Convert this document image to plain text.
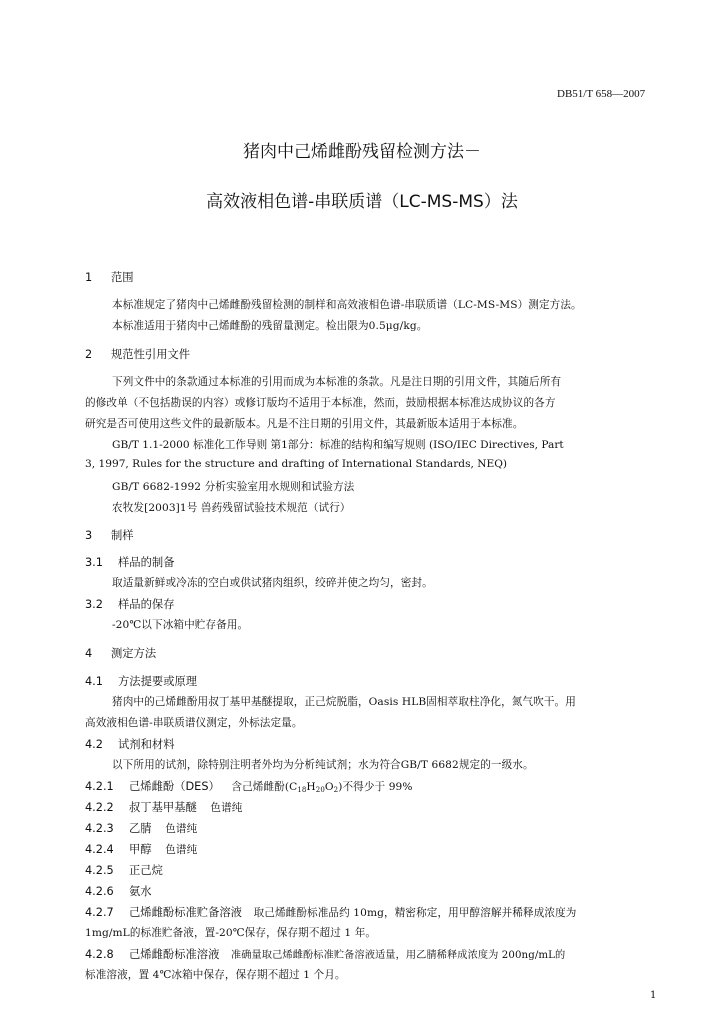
DB51/T 658—2007
猪肉中己烯雌酚残留检测方法－
高效液相色谱-串联质谱（LC-MS-MS）法
1 范围
本标准规定了猪肉中己烯雌酚残留检测的制样和高效液相色谱-串联质谱（LC-MS-MS）测定方法。
本标准适用于猪肉中己烯雌酚的残留量测定。检出限为0.5μg/kg。
2 规范性引用文件
下列文件中的条款通过本标准的引用而成为本标准的条款。凡是注日期的引用文件，其随后所有
的修改单（不包括勘误的内容）或修订版均不适用于本标准，然而，鼓励根据本标准达成协议的各方
研究是否可使用这些文件的最新版本。凡是不注日期的引用文件，其最新版本适用于本标准。
GB/T 1.1-2000 标准化工作导则 第1部分：标准的结构和编写规则 (ISO/IEC Directives, Part
3, 1997, Rules for the structure and drafting of International Standards, NEQ)
GB/T 6682-1992 分析实验室用水规则和试验方法
农牧发[2003]1号 兽药残留试验技术规范（试行）
3 制样
3.1 样品的制备
取适量新鲜或冷冻的空白或供试猪肉组织，绞碎并使之均匀，密封。
3.2 样品的保存
-20℃以下冰箱中贮存备用。
4 测定方法
4.1 方法提要或原理
猪肉中的己烯雌酚用叔丁基甲基醚提取，正己烷脱脂，Oasis HLB固相萃取柱净化，氮气吹干。用
高效液相色谱-串联质谱仪测定，外标法定量。
4.2 试剂和材料
以下所用的试剂，除特别注明者外均为分析纯试剂；水为符合GB/T 6682规定的一级水。
4.2.1 己烯雌酚（DES） 含己烯雌酚$(C_{18}H_{20}O_2)$不得少于 99%
4.2.2 叔丁基甲基醚 色谱纯
4.2.3 乙腈 色谱纯
4.2.4 甲醇 色谱纯
4.2.5 正己烷
4.2.6 氨水
4.2.7 己烯雌酚标准贮备溶液 取己烯雌酚标准品约 10mg，精密称定，用甲醇溶解并稀释成浓度为
1mg/mL的标准贮备液，置-20℃保存，保存期不超过 1 年。
4.2.8 己烯雌酚标准溶液 准确量取己烯雌酚标准贮备溶液适量，用乙腈稀释成浓度为 200ng/mL的
标准溶液，置 4℃冰箱中保存，保存期不超过 1 个月。
1
